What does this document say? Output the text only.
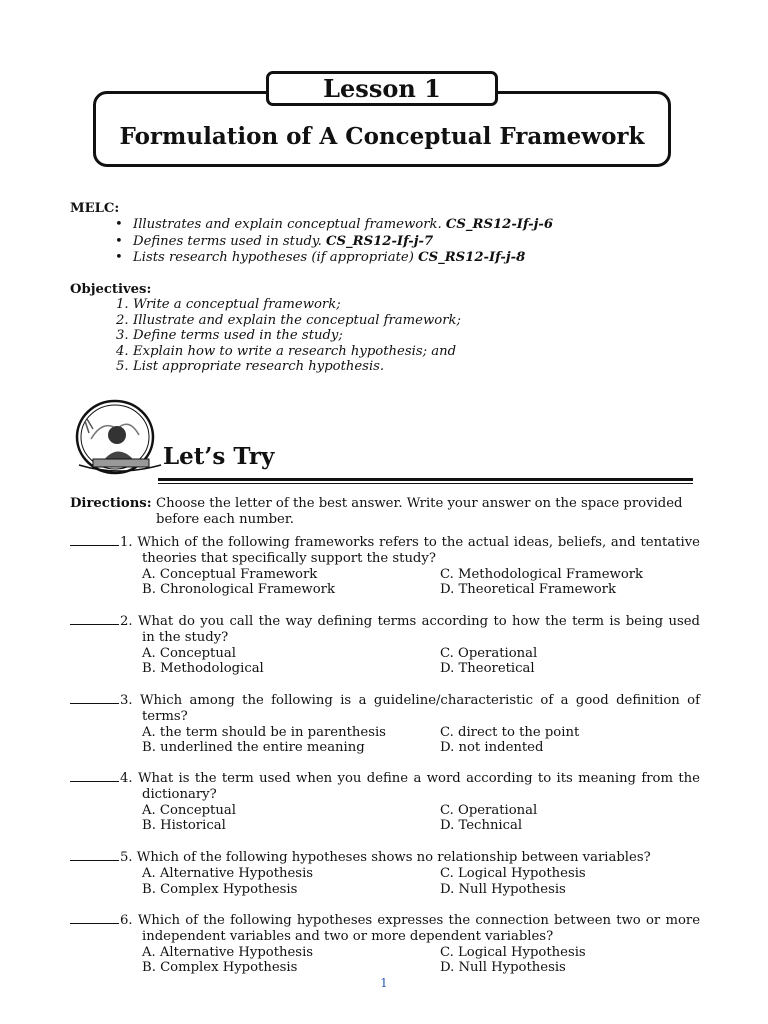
Lesson 1
Formulation of A Conceptual Framework
MELC:
• Illustrates and explain conceptual framework. CS_RS12-If-j-6
• Defines terms used in study. CS_RS12-If-j-7
• Lists research hypotheses (if appropriate) CS_RS12-If-j-8
Objectives:
1. Write a conceptual framework;
2. Illustrate and explain the conceptual framework;
3. Define terms used in the study;
4. Explain how to write a research hypothesis; and
5. List appropriate research hypothesis.
Let’s Try
Directions: Choose the letter of the best answer. Write your answer on the space provided before each number.
1. Which of the following frameworks refers to the actual ideas, beliefs, and tentative
theories that specifically support the study?
A. Conceptual Framework	C. Methodological Framework
B. Chronological Framework	D. Theoretical Framework
2. What do you call the way defining terms according to how the term is being used
in the study?
A. Conceptual	C. Operational
B. Methodological	D. Theoretical
3. Which among the following is a guideline/characteristic of a good definition of
terms?
A. the term should be in parenthesis	C. direct to the point
B. underlined the entire meaning	D. not indented
4. What is the term used when you define a word according to its meaning from the
dictionary?
A. Conceptual	C. Operational
B. Historical	D. Technical
5. Which of the following hypotheses shows no relationship between variables?
A. Alternative Hypothesis	C. Logical Hypothesis
B. Complex Hypothesis	D. Null Hypothesis
6. Which of the following hypotheses expresses the connection between two or more
independent variables and two or more dependent variables?
A. Alternative Hypothesis	C. Logical Hypothesis
B. Complex Hypothesis	D. Null Hypothesis
1
